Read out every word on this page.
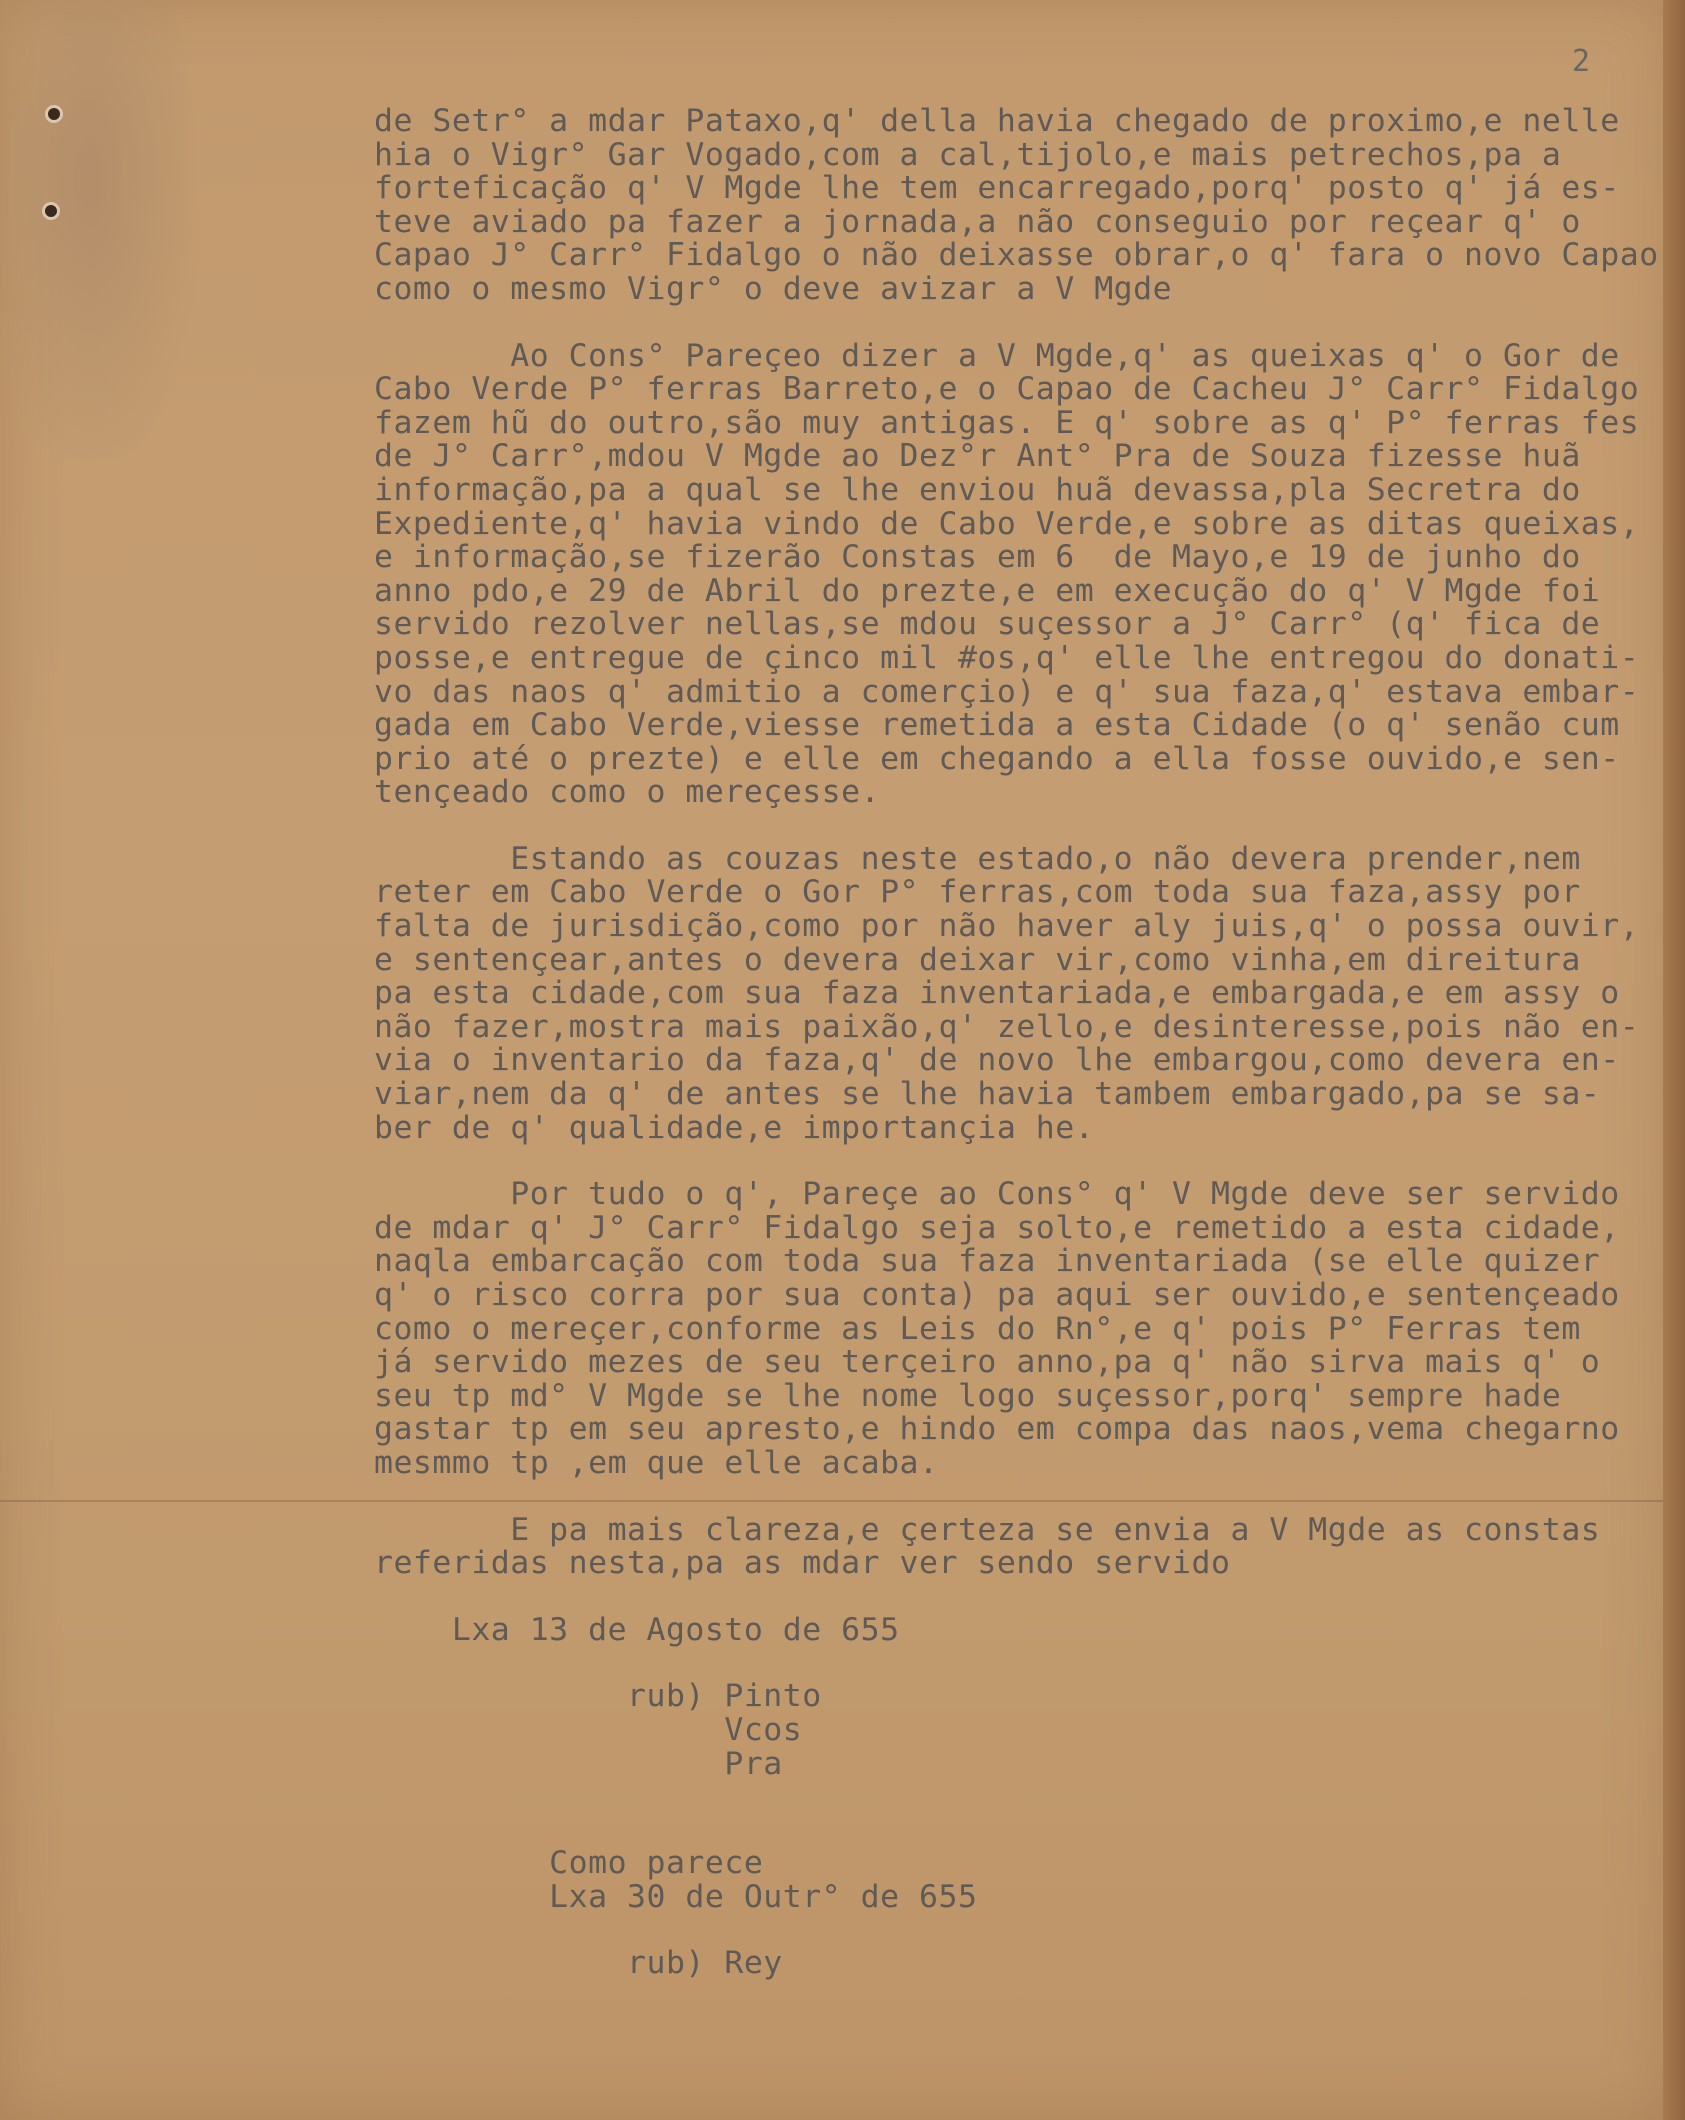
2
de Setr° a mdar Pataxo,q' della havia chegado de proximo,e nelle
hia o Vigr° Gar Vogado,com a cal,tijolo,e mais petrechos,pa a
forteficação q' V Mgde lhe tem encarregado,porq' posto q' já es-
teve aviado pa fazer a jornada,a não conseguio por reçear q' o
Capao J° Carr° Fidalgo o não deixasse obrar,o q' fara o novo Capao
como o mesmo Vigr° o deve avizar a V Mgde
Ao Cons° Pareçeo dizer a V Mgde,q' as queixas q' o Gor de
Cabo Verde P° ferras Barreto,e o Capao de Cacheu J° Carr° Fidalgo
fazem hũ do outro,são muy antigas. E q' sobre as q' P° ferras fes
de J° Carr°,mdou V Mgde ao Dez°r Ant° Pra de Souza fizesse huã
informação,pa a qual se lhe enviou huã devassa,pla Secretra do
Expediente,q' havia vindo de Cabo Verde,e sobre as ditas queixas,
e informação,se fizerão Constas em 6  de Mayo,e 19 de junho do
anno pdo,e 29 de Abril do prezte,e em execução do q' V Mgde foi
servido rezolver nellas,se mdou suçessor a J° Carr° (q' fica de
posse,e entregue de çinco mil #os,q' elle lhe entregou do donati-
vo das naos q' admitio a comerçio) e q' sua faza,q' estava embar-
gada em Cabo Verde,viesse remetida a esta Cidade (o q' senão cum
prio até o prezte) e elle em chegando a ella fosse ouvido,e sen-
tençeado como o mereçesse.
Estando as couzas neste estado,o não devera prender,nem
reter em Cabo Verde o Gor P° ferras,com toda sua faza,assy por
falta de jurisdição,como por não haver aly juis,q' o possa ouvir,
e sentençear,antes o devera deixar vir,como vinha,em direitura
pa esta cidade,com sua faza inventariada,e embargada,e em assy o
não fazer,mostra mais paixão,q' zello,e desinteresse,pois não en-
via o inventario da faza,q' de novo lhe embargou,como devera en-
viar,nem da q' de antes se lhe havia tambem embargado,pa se sa-
ber de q' qualidade,e importançia he.
Por tudo o q', Pareçe ao Cons° q' V Mgde deve ser servido
de mdar q' J° Carr° Fidalgo seja solto,e remetido a esta cidade,
naqla embarcação com toda sua faza inventariada (se elle quizer
q' o risco corra por sua conta) pa aqui ser ouvido,e sentençeado
como o mereçer,conforme as Leis do Rn°,e q' pois P° Ferras tem
já servido mezes de seu terçeiro anno,pa q' não sirva mais q' o
seu tp md° V Mgde se lhe nome logo suçessor,porq' sempre hade
gastar tp em seu apresto,e hindo em compa das naos,vema chegarno
mesmmo tp ,em que elle acaba.
E pa mais clareza,e çerteza se envia a V Mgde as constas
referidas nesta,pa as mdar ver sendo servido
Lxa 13 de Agosto de 655
rub) Pinto
Vcos
Pra
Como parece
Lxa 30 de Outr° de 655
rub) Rey
